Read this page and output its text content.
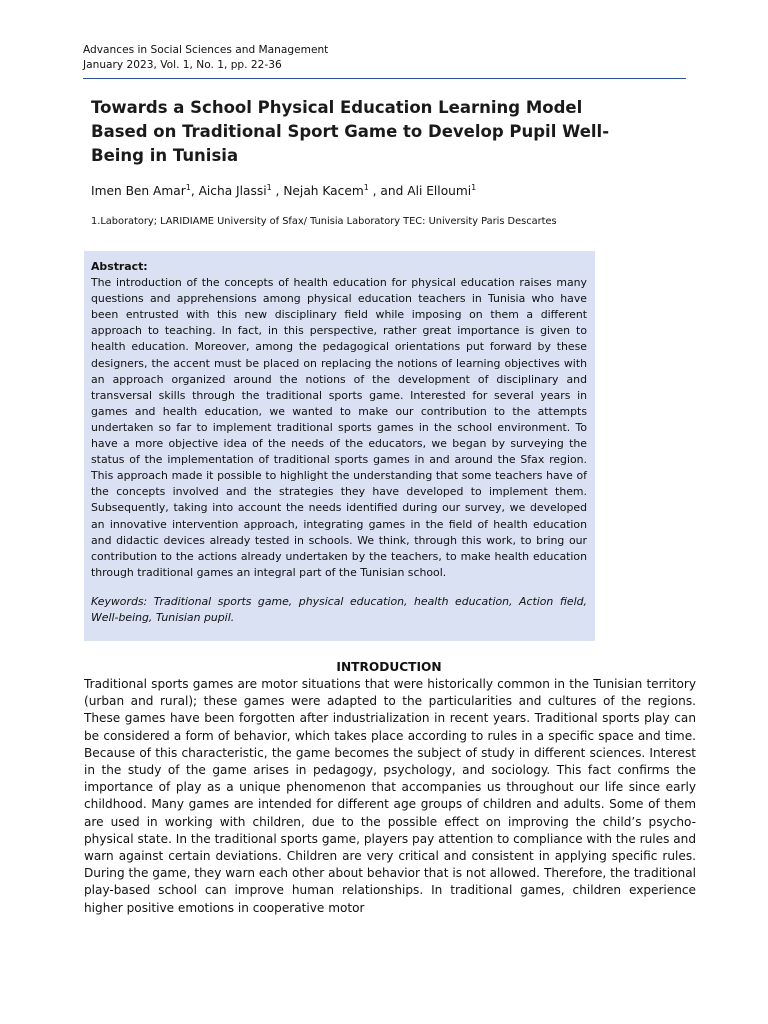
Advances in Social Sciences and Management
January 2023, Vol. 1, No. 1, pp. 22-36
Towards a School Physical Education Learning Model Based on Traditional Sport Game to Develop Pupil Well-Being in Tunisia
Imen Ben Amar$^1$, Aicha Jlassi$^1$ , Nejah Kacem$^1$ , and Ali Elloumi$^1$
1.Laboratory; LARIDIAME University of Sfax/ Tunisia Laboratory TEC: University Paris Descartes

Abstract:

The introduction of the concepts of health education for physical education raises many questions and apprehensions among physical education teachers in Tunisia who have been entrusted with this new disciplinary field while imposing on them a different approach to teaching. In fact, in this perspective, rather great importance is given to health education. Moreover, among the pedagogical orientations put forward by these designers, the accent must be placed on replacing the notions of learning objectives with an approach organized around the notions of the development of disciplinary and transversal skills through the traditional sports game. Interested for several years in games and health education, we wanted to make our contribution to the attempts undertaken so far to implement traditional sports games in the school environment. To have a more objective idea of the needs of the educators, we began by surveying the status of the implementation of traditional sports games in and around the Sfax region. This approach made it possible to highlight the understanding that some teachers have of the concepts involved and the strategies they have developed to implement them. Subsequently, taking into account the needs identified during our survey, we developed an innovative intervention approach, integrating games in the field of health education and didactic devices already tested in schools. We think, through this work, to bring our contribution to the actions already undertaken by the teachers, to make health education through traditional games an integral part of the Tunisian school.

Keywords: Traditional sports game, physical education, health education, Action field, Well-being, Tunisian pupil.

INTRODUCTION

Traditional sports games are motor situations that were historically common in the Tunisian territory (urban and rural); these games were adapted to the particularities and cultures of the regions. These games have been forgotten after industrialization in recent years. Traditional sports play can be considered a form of behavior, which takes place according to rules in a specific space and time. Because of this characteristic, the game becomes the subject of study in different sciences. Interest in the study of the game arises in pedagogy, psychology, and sociology. This fact confirms the importance of play as a unique phenomenon that accompanies us throughout our life since early childhood. Many games are intended for different age groups of children and adults. Some of them are used in working with children, due to the possible effect on improving the child’s psycho-physical state. In the traditional sports game, players pay attention to compliance with the rules and warn against certain deviations. Children are very critical and consistent in applying specific rules. During the game, they warn each other about behavior that is not allowed. Therefore, the traditional play-based school can improve human relationships. In traditional games, children experience higher positive emotions in cooperative motor
